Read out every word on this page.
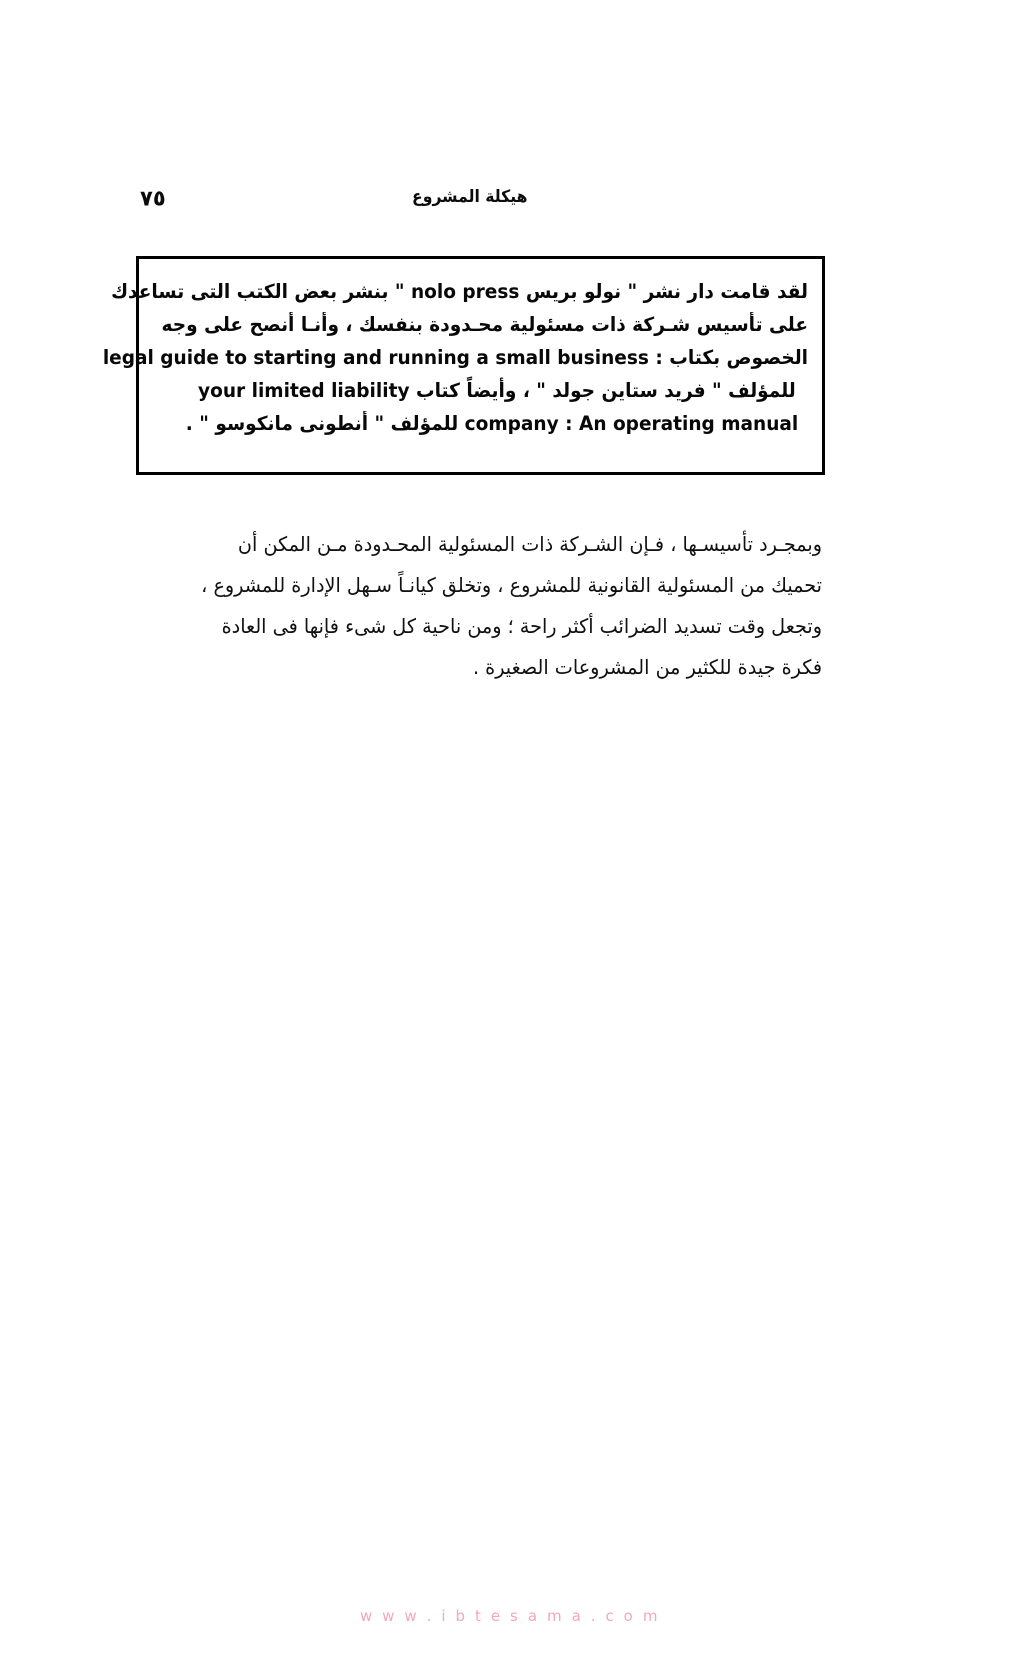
٧٥	هيكلة المشروع
لقد قامت دار نشر " نولو بريس nolo press " بنشر بعض الكتب التى تساعدك
على تأسيس شـركة ذات مسئولية محـدودة بنفسك ، وأنـا أنصح على وجه
الخصوص بكتاب : legal guide to starting and running a small business
للمؤلف " فريد ستاين جولد " ، وأيضاً كتاب your limited liability
company : An operating manual للمؤلف " أنطونى مانكوسو " .
وبمجـرد تأسيسـها ، فـإن الشـركة ذات المسئولية المحـدودة مـن المكن أن
تحميك من المسئولية القانونية للمشروع ، وتخلق كيانـاً سـهل الإدارة للمشروع ،
وتجعل وقت تسديد الضرائب أكثر راحة ؛ ومن ناحية كل شىء فإنها فى العادة
فكرة جيدة للكثير من المشروعات الصغيرة .
w w w . i b t e s a m a . c o m
